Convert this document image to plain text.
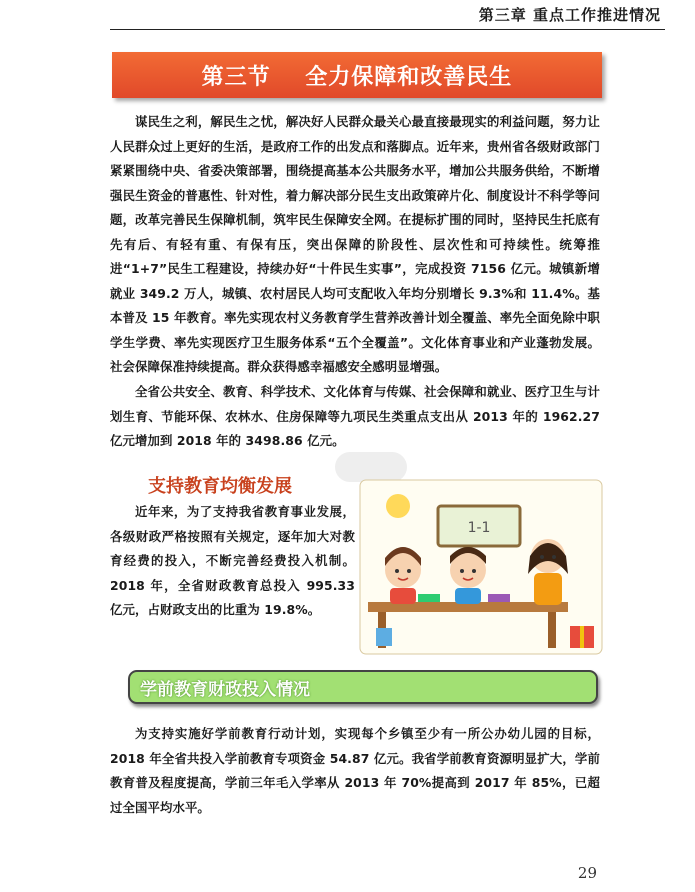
第三章 重点工作推进情况
第三节    全力保障和改善民生

谋民生之利，解民生之忧，解决好人民群众最关心最直接最现实的利益问题，努力让人民群众过上更好的生活，是政府工作的出发点和落脚点。近年来，贵州省各级财政部门紧紧围绕中央、省委决策部署，围绕提高基本公共服务水平，增加公共服务供给，不断增强民生资金的普惠性、针对性，着力解决部分民生支出政策碎片化、制度设计不科学等问题，改革完善民生保障机制，筑牢民生保障安全网。在提标扩围的同时，坚持民生托底有先有后、有轻有重、有保有压，突出保障的阶段性、层次性和可持续性。统筹推进“1+7”民生工程建设，持续办好“十件民生实事”，完成投资 7156 亿元。城镇新增就业 349.2 万人，城镇、农村居民人均可支配收入年均分别增长 9.3%和 11.4%。基本普及 15 年教育。率先实现农村义务教育学生营养改善计划全覆盖、率先全面免除中职学生学费、率先实现医疗卫生服务体系“五个全覆盖”。文化体育事业和产业蓬勃发展。社会保障保准持续提高。群众获得感幸福感安全感明显增强。

全省公共安全、教育、科学技术、文化体育与传媒、社会保障和就业、医疗卫生与计划生育、节能环保、农林水、住房保障等九项民生类重点支出从 2013 年的 1962.27 亿元增加到 2018 年的 3498.86 亿元。

支持教育均衡发展

近年来，为了支持我省教育事业发展，各级财政严格按照有关规定，逐年加大对教育经费的投入，不断完善经费投入机制。2018 年，全省财政教育总投入 995.33 亿元，占财政支出的比重为 19.8%。

1-1
学前教育财政投入情况

为支持实施好学前教育行动计划，实现每个乡镇至少有一所公办幼儿园的目标，2018 年全省共投入学前教育专项资金 54.87 亿元。我省学前教育资源明显扩大，学前教育普及程度提高，学前三年毛入学率从 2013 年 70%提高到 2017 年 85%，已超过全国平均水平。

29
